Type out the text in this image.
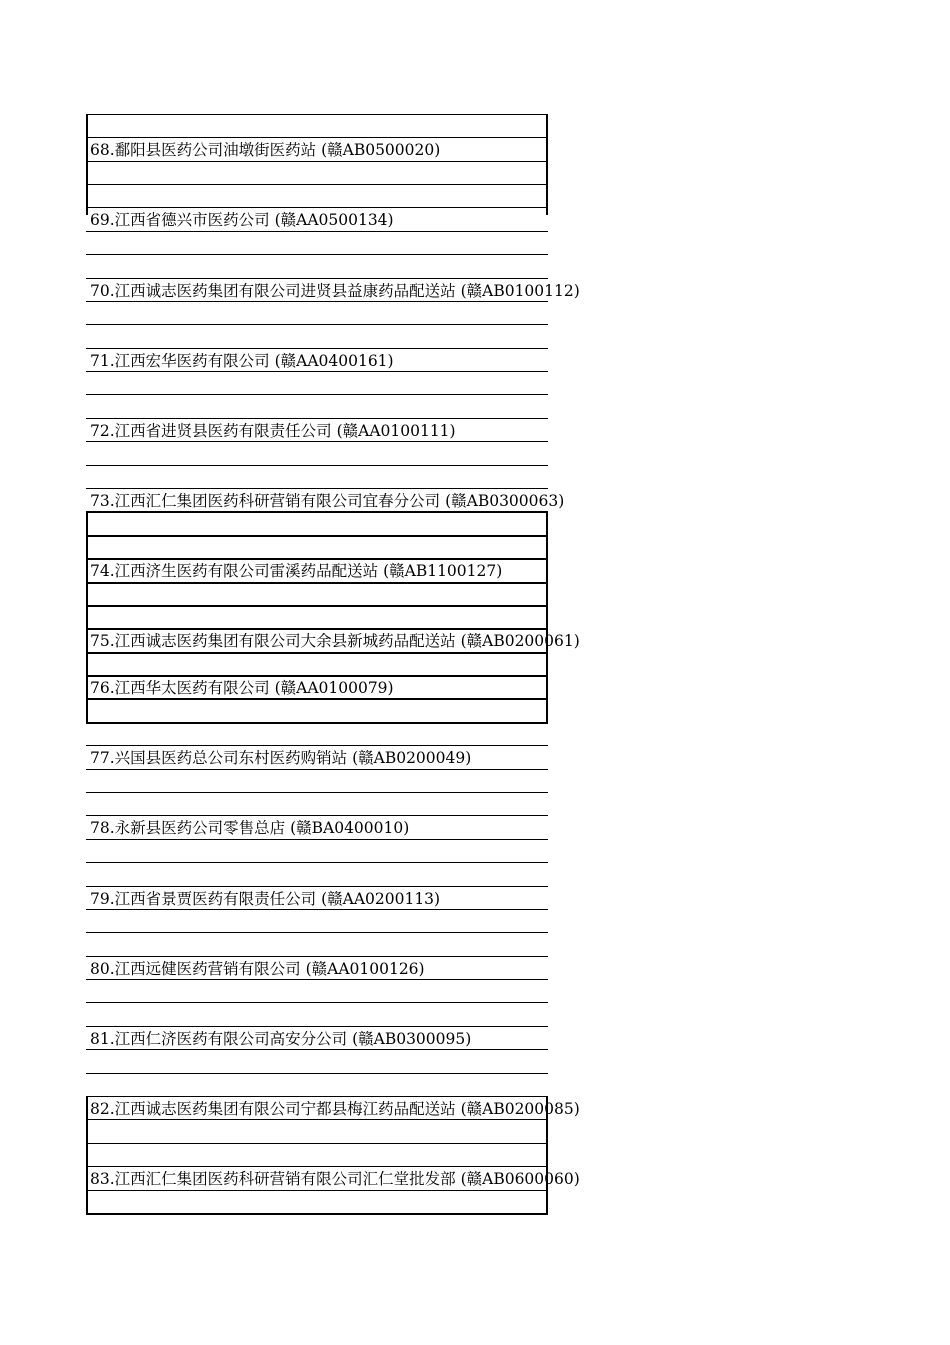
68.鄱阳县医药公司油墩街医药站 (赣AB0500020)
69.江西省德兴市医药公司 (赣AA0500134)
70.江西诚志医药集团有限公司进贤县益康药品配送站 (赣AB0100112)
71.江西宏华医药有限公司 (赣AA0400161)
72.江西省进贤县医药有限责任公司 (赣AA0100111)
73.江西汇仁集团医药科研营销有限公司宜春分公司 (赣AB0300063)
74.江西济生医药有限公司雷溪药品配送站 (赣AB1100127)
75.江西诚志医药集团有限公司大余县新城药品配送站 (赣AB0200061)
76.江西华太医药有限公司 (赣AA0100079)
77.兴国县医药总公司东村医药购销站 (赣AB0200049)
78.永新县医药公司零售总店 (赣BA0400010)
79.江西省景贾医药有限责任公司 (赣AA0200113)
80.江西远健医药营销有限公司 (赣AA0100126)
81.江西仁济医药有限公司高安分公司 (赣AB0300095)
82.江西诚志医药集团有限公司宁都县梅江药品配送站 (赣AB0200085)
83.江西汇仁集团医药科研营销有限公司汇仁堂批发部 (赣AB0600060)
